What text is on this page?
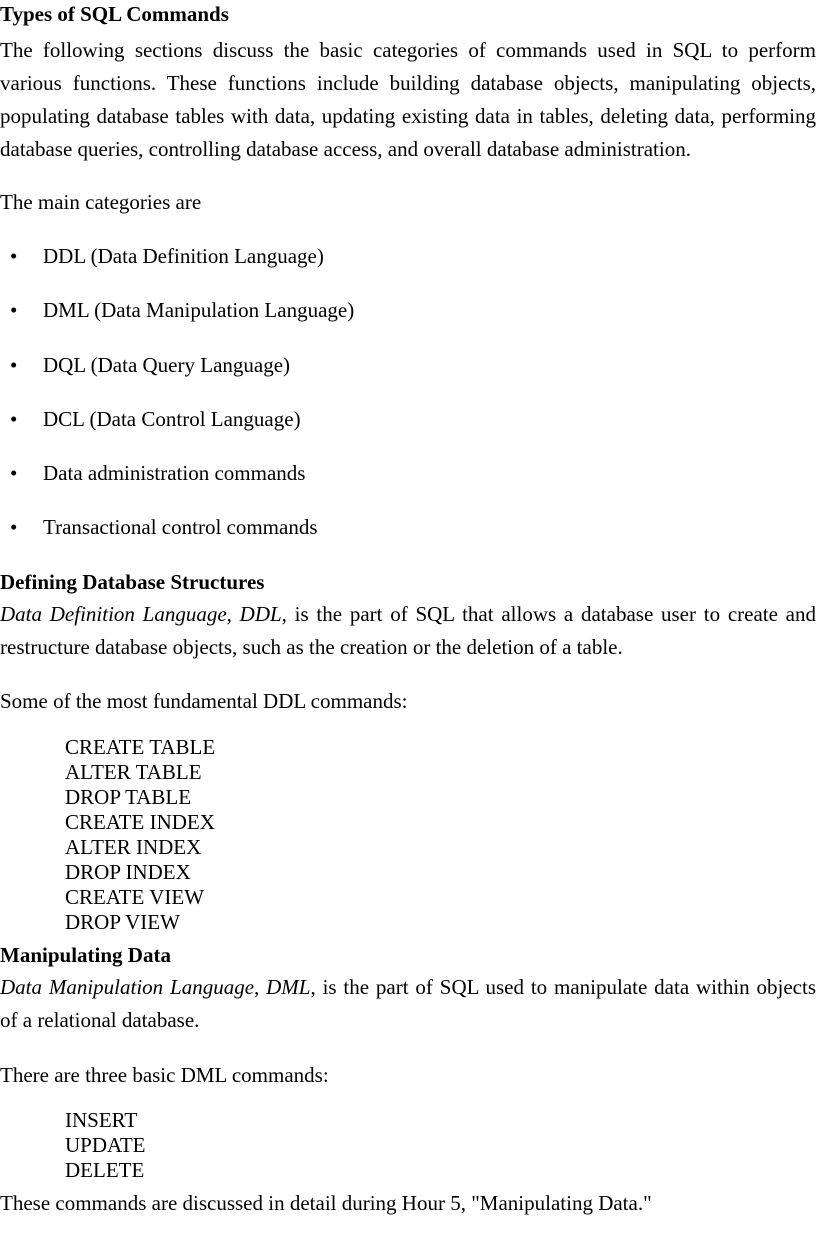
Types of SQL Commands
The following sections discuss the basic categories of commands used in SQL to perform
various functions. These functions include building database objects, manipulating objects,
populating database tables with data, updating existing data in tables, deleting data, performing
database queries, controlling database access, and overall database administration.
The main categories are
• DDL (Data Definition Language)
• DML (Data Manipulation Language)
• DQL (Data Query Language)
• DCL (Data Control Language)
• Data administration commands
• Transactional control commands
Defining Database Structures
Data Definition Language, DDL, is the part of SQL that allows a database user to create and
restructure database objects, such as the creation or the deletion of a table.
Some of the most fundamental DDL commands:
CREATE TABLE
ALTER TABLE
DROP TABLE
CREATE INDEX
ALTER INDEX
DROP INDEX
CREATE VIEW
DROP VIEW
Manipulating Data
Data Manipulation Language, DML, is the part of SQL used to manipulate data within objects
of a relational database.
There are three basic DML commands:
INSERT
UPDATE
DELETE
These commands are discussed in detail during Hour 5, "Manipulating Data."
